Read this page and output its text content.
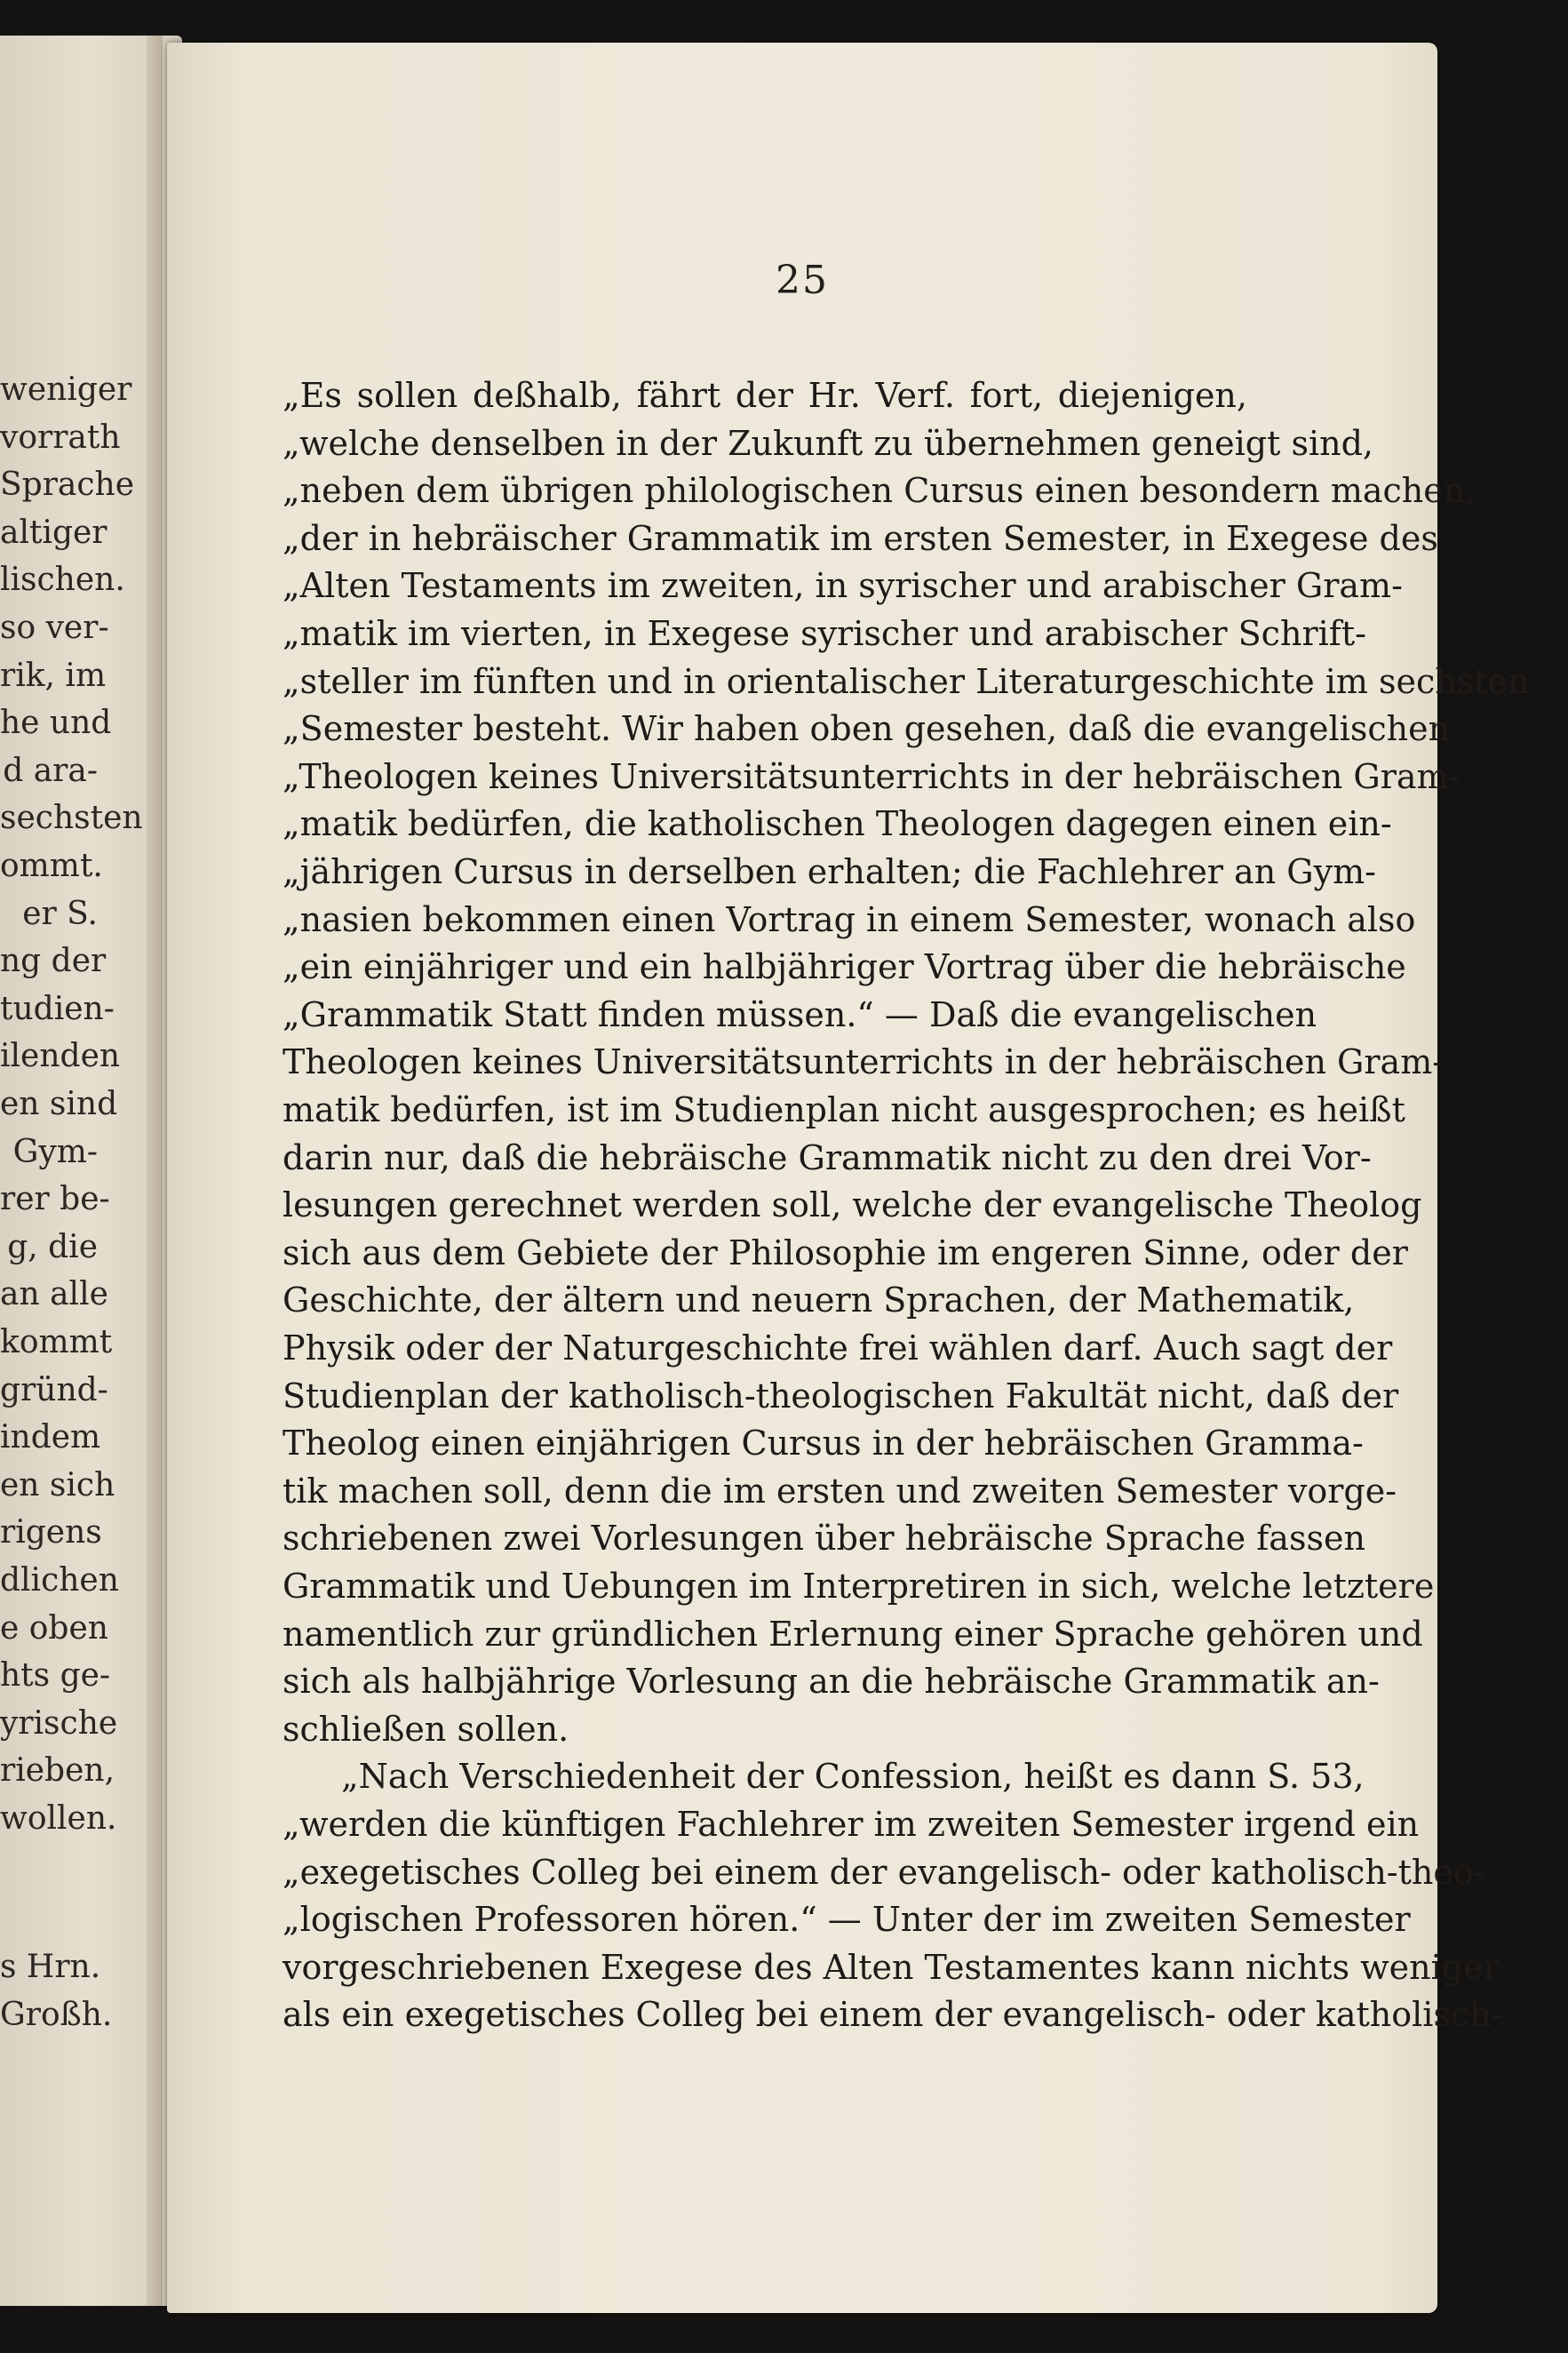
weniger
vorrath
Sprache
altiger
lischen.
so ver-
rik, im
he und
d ara-
sechsten
ommt.
er S.
ng der
tudien-
ilenden
en sind
Gym-
rer be-
g, die
an alle
kommt
gründ-
indem
en sich
rigens
dlichen
e oben
hts ge-
yrische
rieben,
wollen.
s Hrn.
Großh.
25
„Es sollen deßhalb, fährt der Hr. Verf. fort, diejenigen,
„welche denselben in der Zukunft zu übernehmen geneigt sind,
„neben dem übrigen philologischen Cursus einen besondern machen,
„der in hebräischer Grammatik im ersten Semester, in Exegese des
„Alten Testaments im zweiten, in syrischer und arabischer Gram-
„matik im vierten, in Exegese syrischer und arabischer Schrift-
„steller im fünften und in orientalischer Literaturgeschichte im sechsten
„Semester besteht. Wir haben oben gesehen, daß die evangelischen
„Theologen keines Universitätsunterrichts in der hebräischen Gram-
„matik bedürfen, die katholischen Theologen dagegen einen ein-
„jährigen Cursus in derselben erhalten; die Fachlehrer an Gym-
„nasien bekommen einen Vortrag in einem Semester, wonach also
„ein einjähriger und ein halbjähriger Vortrag über die hebräische
„Grammatik Statt finden müssen.“ — Daß die evangelischen
Theologen keines Universitätsunterrichts in der hebräischen Gram-
matik bedürfen, ist im Studienplan nicht ausgesprochen; es heißt
darin nur, daß die hebräische Grammatik nicht zu den drei Vor-
lesungen gerechnet werden soll, welche der evangelische Theolog
sich aus dem Gebiete der Philosophie im engeren Sinne, oder der
Geschichte, der ältern und neuern Sprachen, der Mathematik,
Physik oder der Naturgeschichte frei wählen darf. Auch sagt der
Studienplan der katholisch-theologischen Fakultät nicht, daß der
Theolog einen einjährigen Cursus in der hebräischen Gramma-
tik machen soll, denn die im ersten und zweiten Semester vorge-
schriebenen zwei Vorlesungen über hebräische Sprache fassen
Grammatik und Uebungen im Interpretiren in sich, welche letztere
namentlich zur gründlichen Erlernung einer Sprache gehören und
sich als halbjährige Vorlesung an die hebräische Grammatik an-
schließen sollen.
„Nach Verschiedenheit der Confession, heißt es dann S. 53,
„werden die künftigen Fachlehrer im zweiten Semester irgend ein
„exegetisches Colleg bei einem der evangelisch- oder katholisch-theo-
„logischen Professoren hören.“ — Unter der im zweiten Semester
vorgeschriebenen Exegese des Alten Testamentes kann nichts weniger
als ein exegetisches Colleg bei einem der evangelisch- oder katholisch-
